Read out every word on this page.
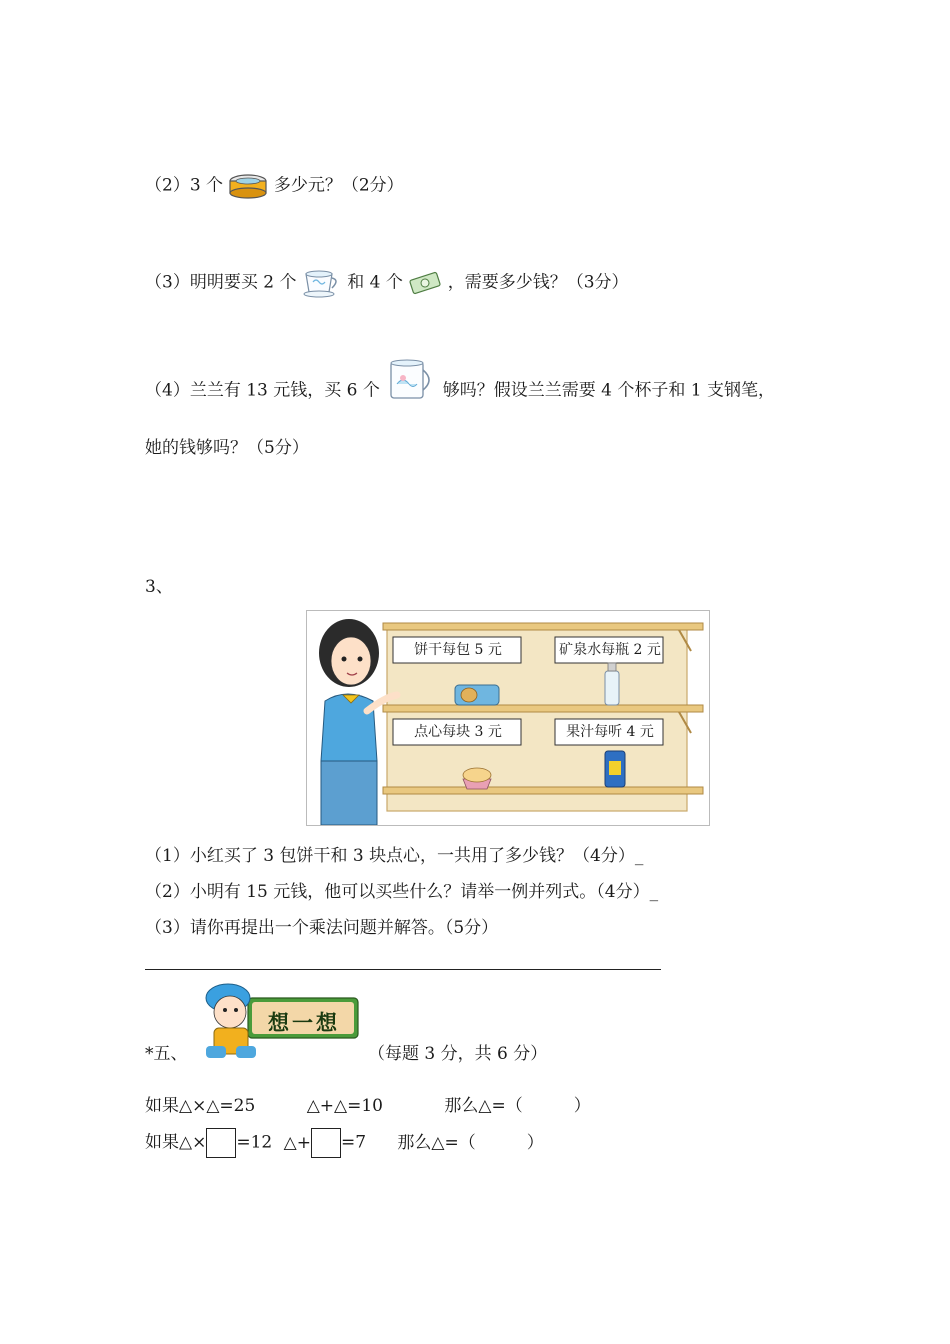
（2）3 个	多少元？（2分）
（3）明明要买 2 个	和 4 个	，需要多少钱？（3分）
（4）兰兰有 13 元钱，买 6 个	够吗？假设兰兰需要 4 个杯子和 1 支钢笔，
她的钱够吗？（5分）
3、
饼干每包 5 元	矿泉水每瓶 2 元
点心每块 3 元	果汁每听 4 元
（1）小红买了 3 包饼干和 3 块点心，一共用了多少钱？（4分）_
（2）小明有 15 元钱，他可以买些什么？请举一例并列式。（4分）_
（3）请你再提出一个乘法问题并解答。（5分）
想一想
*五、	（每题 3 分，共 6 分）
如果△×△=25	△+△=10	那么△=（　　　）
如果△× =12 △+ =7 那么△=（　　　）
